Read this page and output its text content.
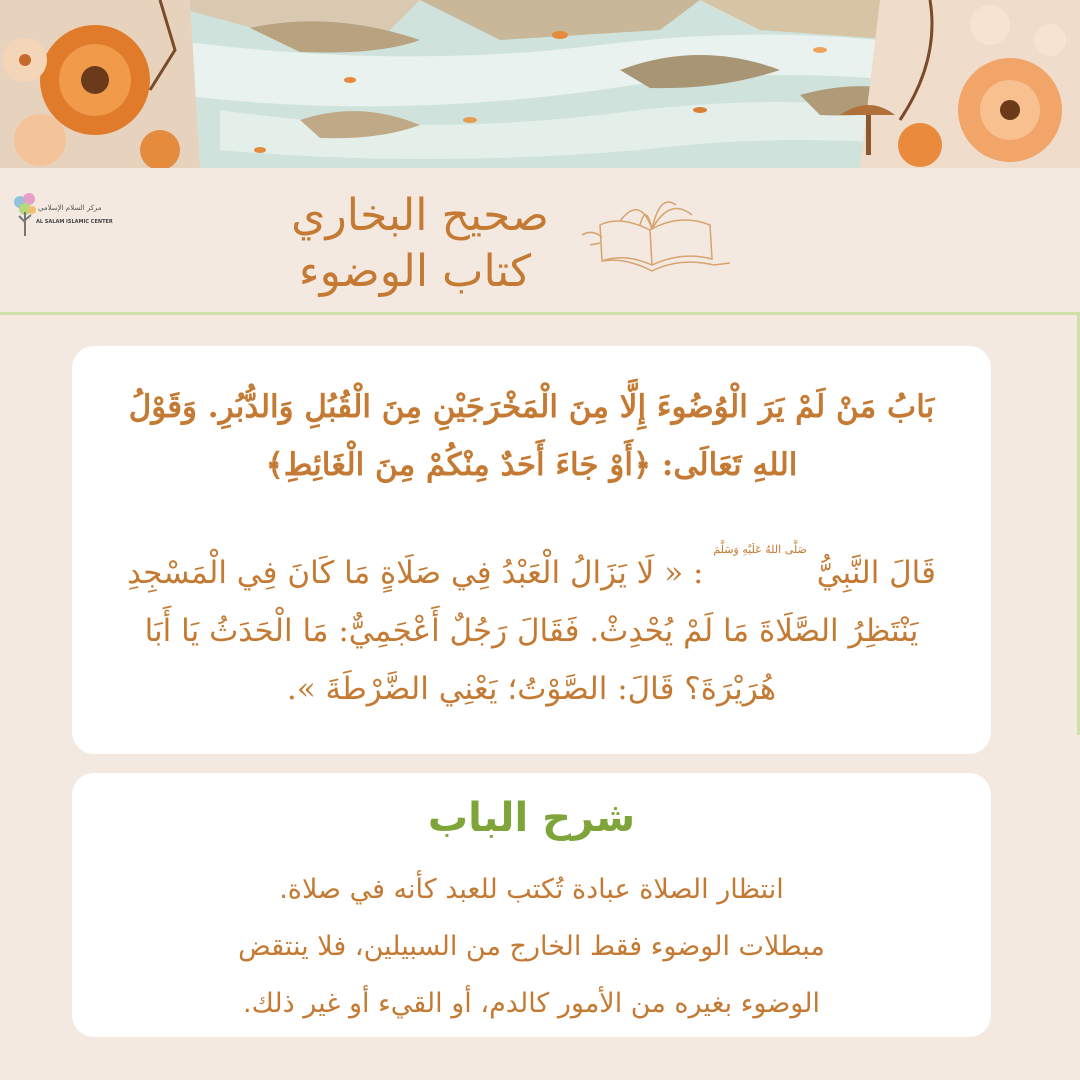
مركز السلام الإسلامي
AL SALAM ISLAMIC CENTER	صحيح البخاري
كتاب الوضوء
بَابُ مَنْ لَمْ يَرَ الْوُضُوءَ إِلَّا مِنَ الْمَخْرَجَيْنِ مِنَ الْقُبُلِ وَالدُّبُرِ. وَقَوْلُ اللهِ تَعَالَى: ﴿أَوْ جَاءَ أَحَدٌ مِنْكُمْ مِنَ الْغَائِطِ﴾
قَالَ النَّبِيُّ صَلَّى اللهُ عَلَيْهِ وَسَلَّمَ : « لَا يَزَالُ الْعَبْدُ فِي صَلَاةٍ مَا كَانَ فِي الْمَسْجِدِ يَنْتَظِرُ الصَّلَاةَ مَا لَمْ يُحْدِثْ. فَقَالَ رَجُلٌ أَعْجَمِيٌّ: مَا الْحَدَثُ يَا أَبَا هُرَيْرَةَ؟ قَالَ: الصَّوْتُ؛ يَعْنِي الضَّرْطَةَ ».
شرح الباب
انتظار الصلاة عبادة تُكتب للعبد كأنه في صلاة.
مبطلات الوضوء فقط الخارج من السبيلين، فلا ينتقض
الوضوء بغيره من الأمور كالدم، أو القيء أو غير ذلك.
